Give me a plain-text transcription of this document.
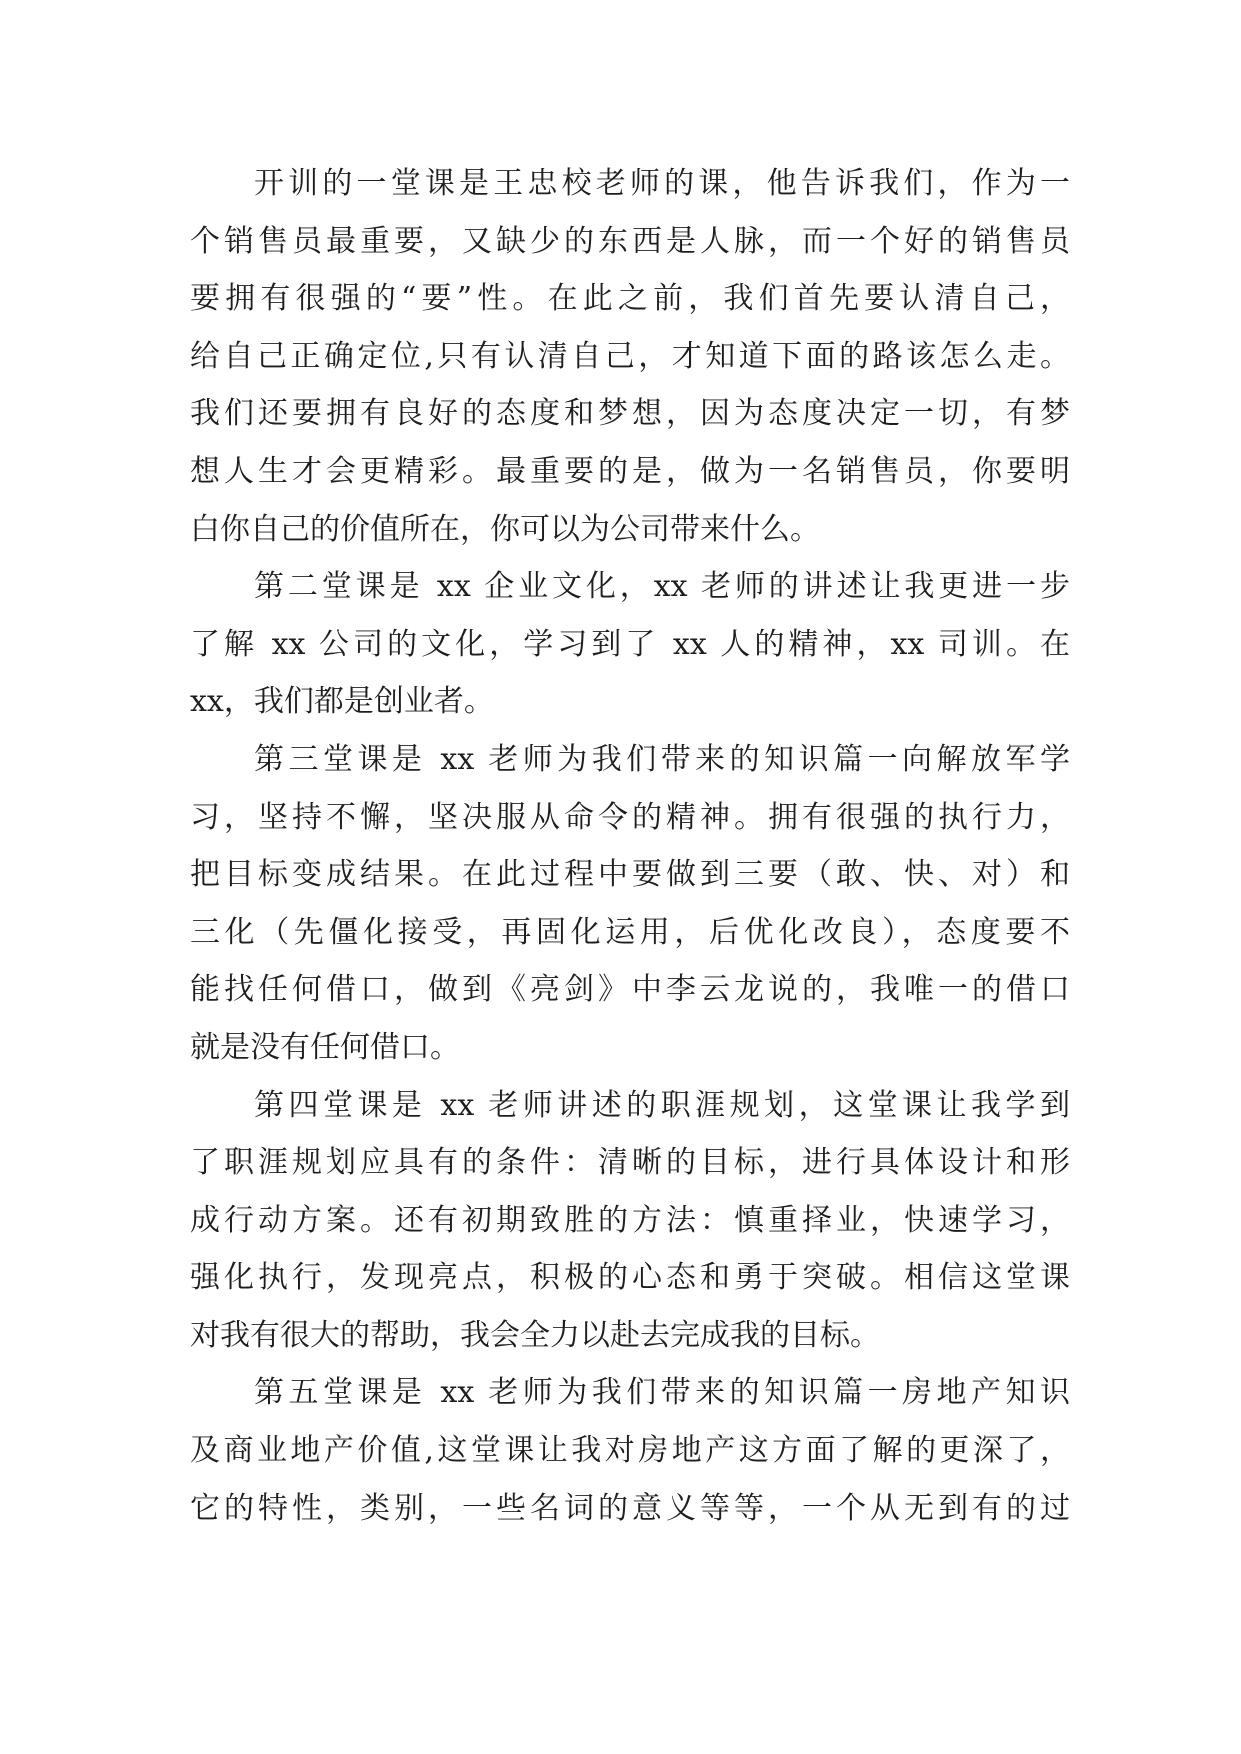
开训的一堂课是王忠校老师的课，他告诉我们，作为一
个销售员最重要，又缺少的东西是人脉，而一个好的销售员
要拥有很强的“要”性。在此之前，我们首先要认清自己，
给自己正确定位,只有认清自己，才知道下面的路该怎么走。
我们还要拥有良好的态度和梦想，因为态度决定一切，有梦
想人生才会更精彩。最重要的是，做为一名销售员，你要明
白你自己的价值所在，你可以为公司带来什么。
第二堂课是 xx 企业文化，xx 老师的讲述让我更进一步
了解 xx 公司的文化，学习到了 xx 人的精神，xx 司训。在
xx，我们都是创业者。
第三堂课是 xx 老师为我们带来的知识篇一向解放军学
习，坚持不懈，坚决服从命令的精神。拥有很强的执行力，
把目标变成结果。在此过程中要做到三要（敢、快、对）和
三化（先僵化接受，再固化运用，后优化改良），态度要不
能找任何借口，做到《亮剑》中李云龙说的，我唯一的借口
就是没有任何借口。
第四堂课是 xx 老师讲述的职涯规划，这堂课让我学到
了职涯规划应具有的条件：清晰的目标，进行具体设计和形
成行动方案。还有初期致胜的方法：慎重择业，快速学习，
强化执行，发现亮点，积极的心态和勇于突破。相信这堂课
对我有很大的帮助，我会全力以赴去完成我的目标。
第五堂课是 xx 老师为我们带来的知识篇一房地产知识
及商业地产价值,这堂课让我对房地产这方面了解的更深了，
它的特性，类别，一些名词的意义等等，一个从无到有的过
